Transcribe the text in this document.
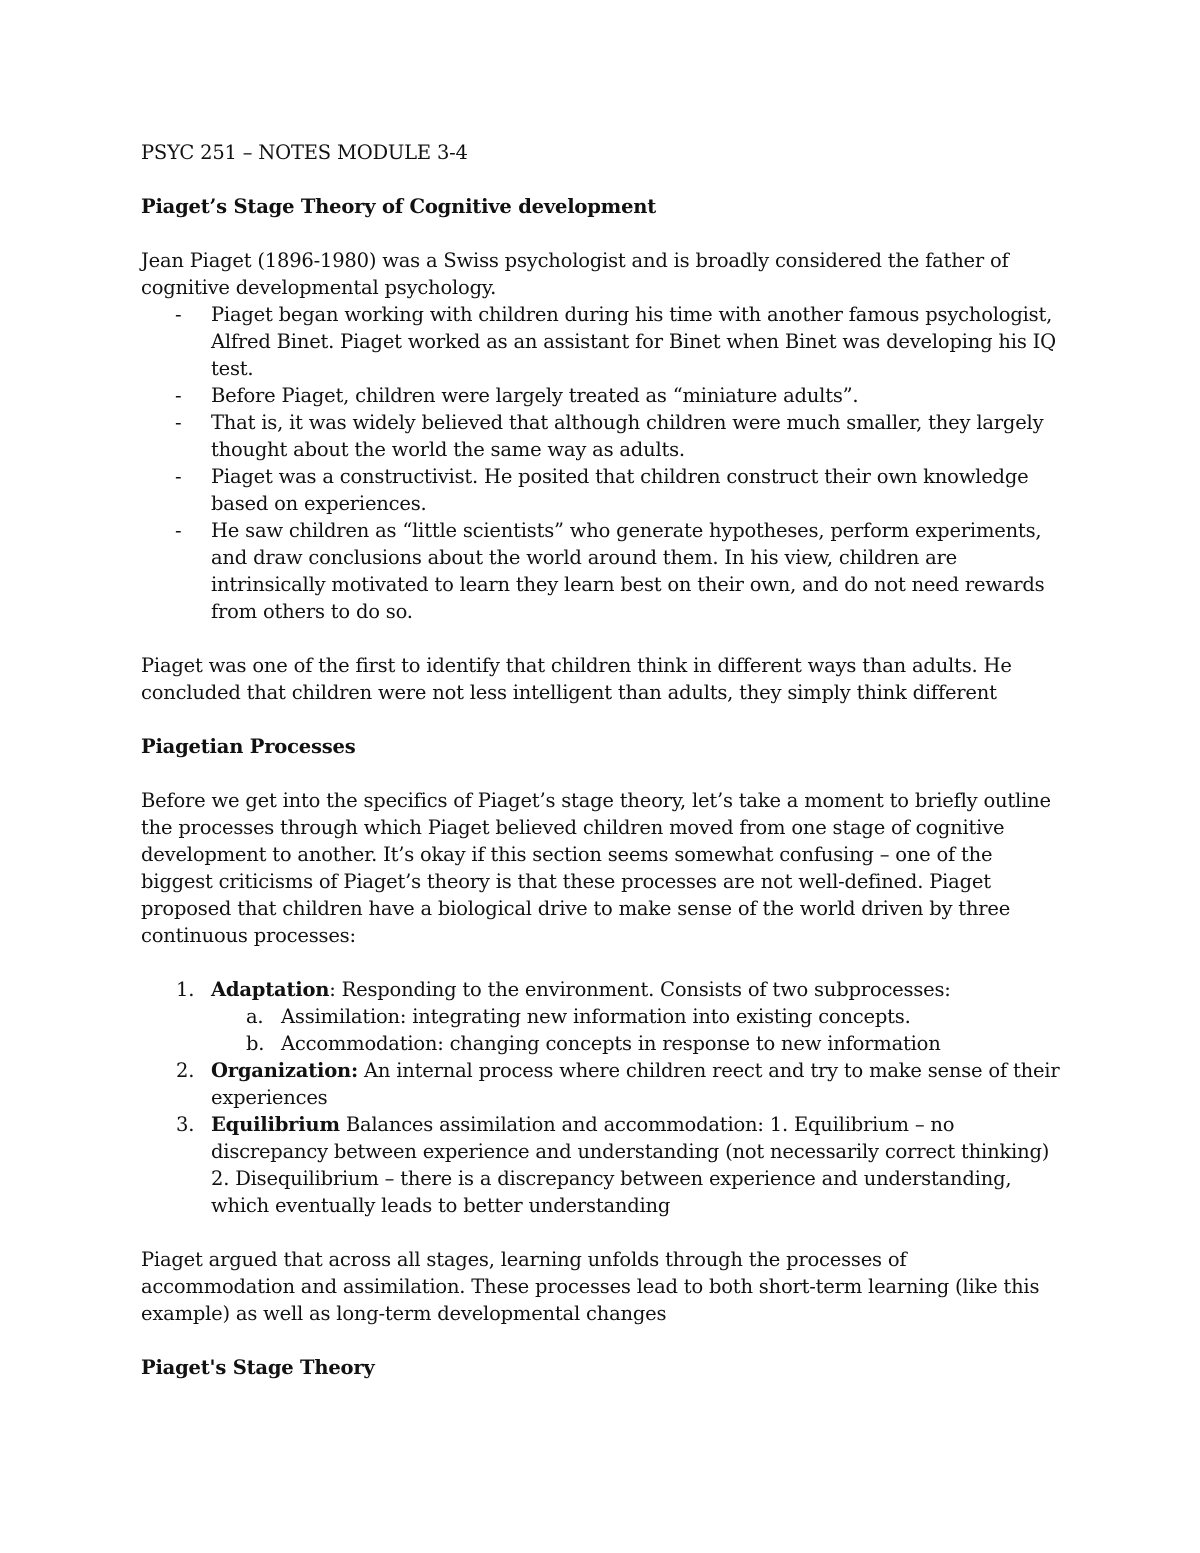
PSYC 251 – NOTES MODULE 3-4

Piaget’s Stage Theory of Cognitive development

Jean Piaget (1896-1980) was a Swiss psychologist and is broadly considered the father of cognitive developmental psychology.

- Piaget began working with children during his time with another famous psychologist, Alfred Binet. Piaget worked as an assistant for Binet when Binet was developing his IQ test.
- Before Piaget, children were largely treated as “miniature adults”.
- That is, it was widely believed that although children were much smaller, they largely thought about the world the same way as adults.
- Piaget was a constructivist. He posited that children construct their own knowledge based on experiences.
- He saw children as “little scientists” who generate hypotheses, perform experiments, and draw conclusions about the world around them. In his view, children are intrinsically motivated to learn they learn best on their own, and do not need rewards from others to do so.

Piaget was one of the first to identify that children think in different ways than adults. He concluded that children were not less intelligent than adults, they simply think different

Piagetian Processes

Before we get into the specifics of Piaget’s stage theory, let’s take a moment to briefly outline the processes through which Piaget believed children moved from one stage of cognitive development to another. It’s okay if this section seems somewhat confusing – one of the biggest criticisms of Piaget’s theory is that these processes are not well-defined. Piaget proposed that children have a biological drive to make sense of the world driven by three continuous processes:

1. Adaptation: Responding to the environment. Consists of two subprocesses:
a. Assimilation: integrating new information into existing concepts.
b. Accommodation: changing concepts in response to new information
2. Organization: An internal process where children reect and try to make sense of their experiences
3. Equilibrium Balances assimilation and accommodation: 1. Equilibrium – no discrepancy between experience and understanding (not necessarily correct thinking) 2. Disequilibrium – there is a discrepancy between experience and understanding, which eventually leads to better understanding

Piaget argued that across all stages, learning unfolds through the processes of accommodation and assimilation. These processes lead to both short-term learning (like this example) as well as long-term developmental changes

Piaget's Stage Theory
